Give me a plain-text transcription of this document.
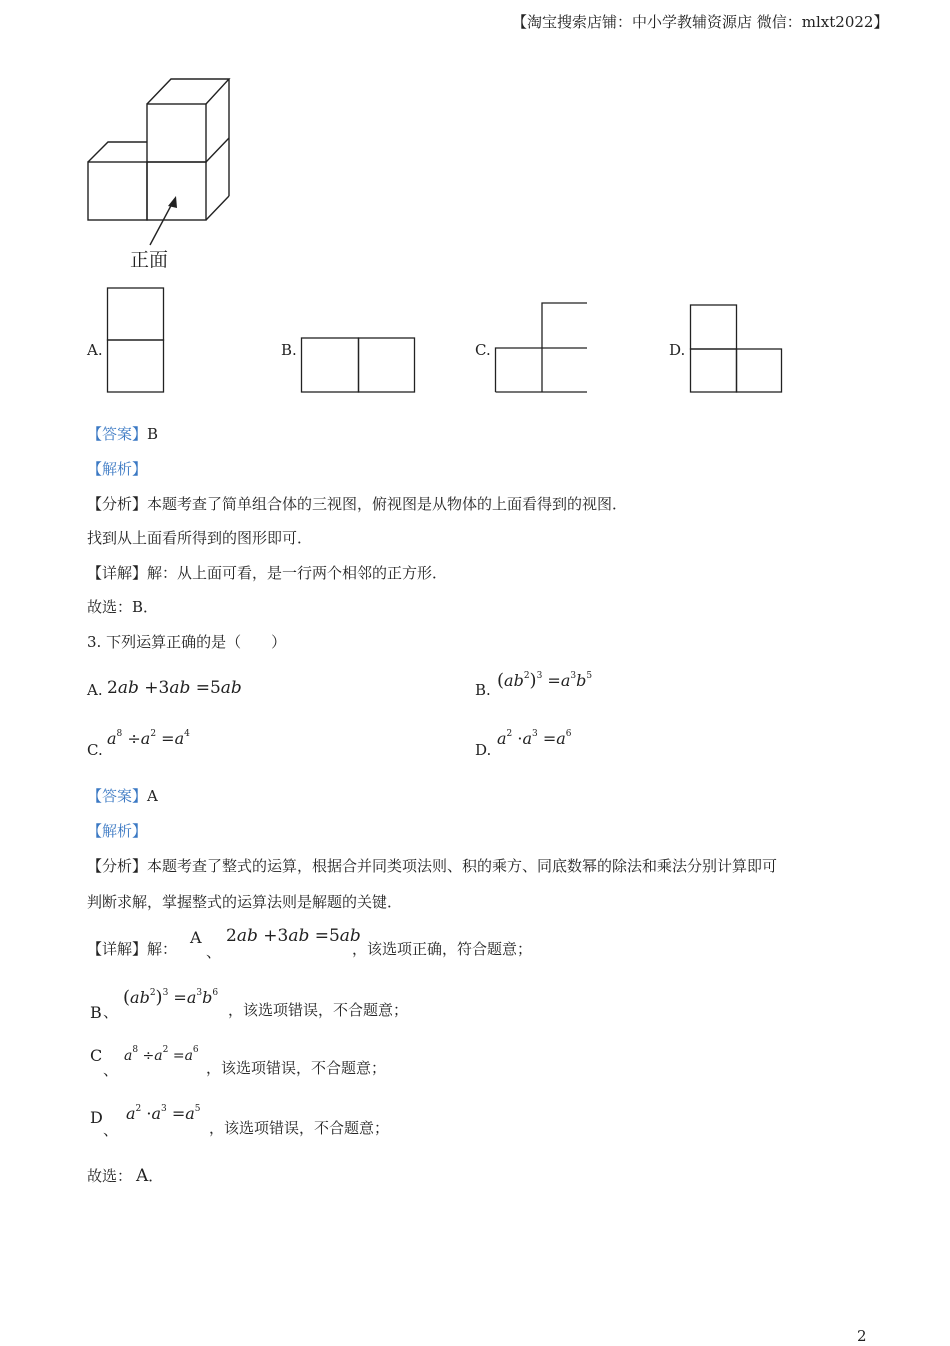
【淘宝搜索店铺：中小学教辅资源店 微信：mlxt2022】
正面
A.	B.	C.	D.
【答案】B
【解析】
【分析】本题考查了简单组合体的三视图，俯视图是从物体的上面看得到的视图．
找到从上面看所得到的图形即可．
【详解】解：从上面可看，是一行两个相邻的正方形．
故选：B．
3. 下列运算正确的是（　　）
A. 2ab +3ab =5ab	B. $(ab^2)^3 =a^3b^5$
C.
$a^8 \div a^2 =a^4$
D.
$a^2 \cdot a^3 =a^6$
【答案】A
【解析】
【分析】本题考查了整式的运算，根据合并同类项法则、积的乘方、同底数幂的除法和乘法分别计算即可
判断求解，掌握整式的运算法则是解题的关键．
【详解】解：
A
、
2ab +3ab =5ab
，该选项正确，符合题意；
B 、
$(ab^2)^3 =a^3b^6$
，该选项错误，不合题意；
C
、
$a^8 \div a^2 =a^6$
，该选项错误，不合题意；
D
、
$a^2 \cdot a^3 =a^5$
，该选项错误，不合题意；
故选： A．
2
